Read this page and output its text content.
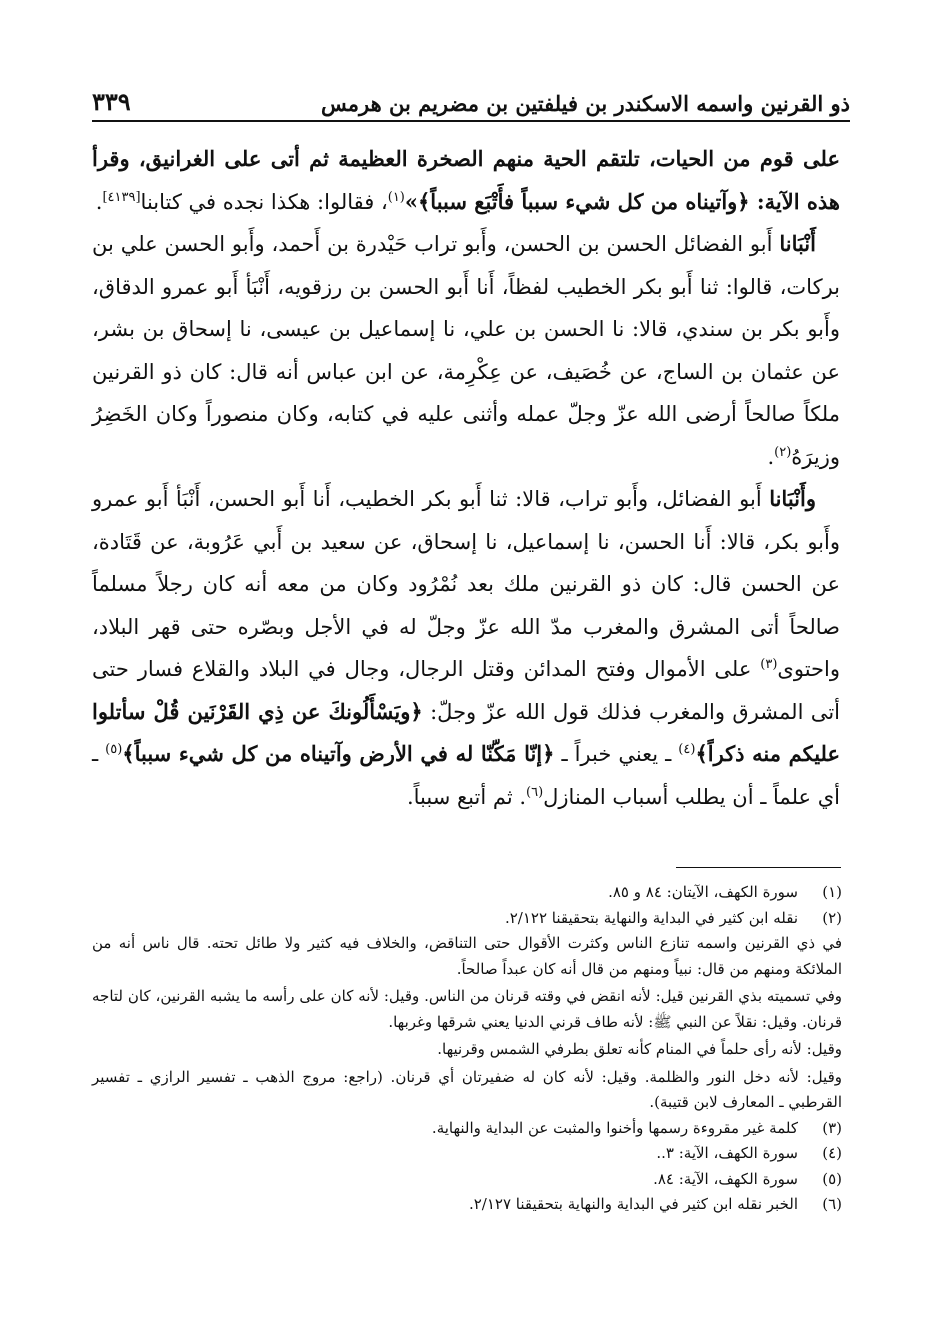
ذو القرنين واسمه الاسكندر بن فيلفتين بن مضريم بن هرمس
٣٣٩

على قوم من الحيات، تلتقم الحية منهم الصخرة العظيمة ثم أتى على الغرانيق، وقرأ هذه الآية: ﴿وآتيناه من كل شيء سبباً فأَتْبَع سبباً﴾»$^{(١)}$، فقالوا: هكذا نجده في كتابنا[٤١٣٩].

أَنْبَانا أَبو الفضائل الحسن بن الحسن، وأَبو تراب حَيْدرة بن أَحمد، وأَبو الحسن علي بن بركات، قالوا: ثنا أَبو بكر الخطيب لفظاً، أَنا أَبو الحسن بن رزقويه، أَنْبَأ أَبو عمرو الدقاق، وأَبو بكر بن سندي، قالا: نا الحسن بن علي، نا إسماعيل بن عيسى، نا إسحاق بن بشر، عن عثمان بن الساج، عن خُصَيف، عن عِكْرِمة، عن ابن عباس أنه قال: كان ذو القرنين ملكاً صالحاً أرضى الله عزّ وجلّ عمله وأثنى عليه في كتابه، وكان منصوراً وكان الخَضِرُ وزيرَهُ$^{(٢)}$.

وأَنْبَانا أَبو الفضائل، وأَبو تراب، قالا: ثنا أَبو بكر الخطيب، أَنا أَبو الحسن، أَنْبَأ أَبو عمرو وأَبو بكر، قالا: أَنا الحسن، نا إسماعيل، نا إسحاق، عن سعيد بن أَبي عَرُوبة، عن قَتَادة، عن الحسن قال: كان ذو القرنين ملك بعد نُمْرُود وكان من معه أنه كان رجلاً مسلماً صالحاً أتى المشرق والمغرب مدّ الله عزّ وجلّ له في الأجل وبصّره حتى قهر البلاد، واحتوى$^{(٣)}$ على الأموال وفتح المدائن وقتل الرجال، وجال في البلاد والقلاع فسار حتى أتى المشرق والمغرب فذلك قول الله عزّ وجلّ: ﴿ويَسْأَلُونكَ عن ذِي القَرْنَين قُلْ سأتلوا عليكم منه ذكراً﴾$^{(٤)}$ ـ يعني خبراً ـ ﴿إنّا مَكّنّا له في الأرض وآتيناه من كل شيء سبباً﴾$^{(٥)}$ ـ أي علماً ـ أن يطلب أسباب المنازل$^{(٦)}$. ثم أتبع سبباً.

(١)
سورة الكهف، الآيتان: ٨٤ و ٨٥.
(٢)
نقله ابن كثير في البداية والنهاية بتحقيقنا ٢/١٢٢.
في ذي القرنين واسمه تنازع الناس وكثرت الأقوال حتى التناقض، والخلاف فيه كثير ولا طائل تحته. قال ناس أنه من الملائكة ومنهم من قال: نبياً ومنهم من قال أنه كان عبداً صالحاً.
وفي تسميته بذي القرنين قيل: لأنه انقض في وقته قرنان من الناس. وقيل: لأنه كان على رأسه ما يشبه القرنين، كان لتاجه قرنان. وقيل: نقلاً عن النبي ﷺ: لأنه طاف قرني الدنيا يعني شرقها وغربها.
وقيل: لأنه رأى حلماً في المنام كأنه تعلق بطرفي الشمس وقرنيها.
وقيل: لأنه دخل النور والظلمة. وقيل: لأنه كان له ضفيرتان أي قرنان. (راجع: مروج الذهب ـ تفسير الرازي ـ تفسير القرطبي ـ المعارف لابن قتيبة).
(٣)
كلمة غير مقروءة رسمها وأخنوا والمثبت عن البداية والنهاية.
(٤)
سورة الكهف، الآية: ٣..
(٥)
سورة الكهف، الآية: ٨٤.
(٦)
الخبر نقله ابن كثير في البداية والنهاية بتحقيقنا ٢/١٢٧.
